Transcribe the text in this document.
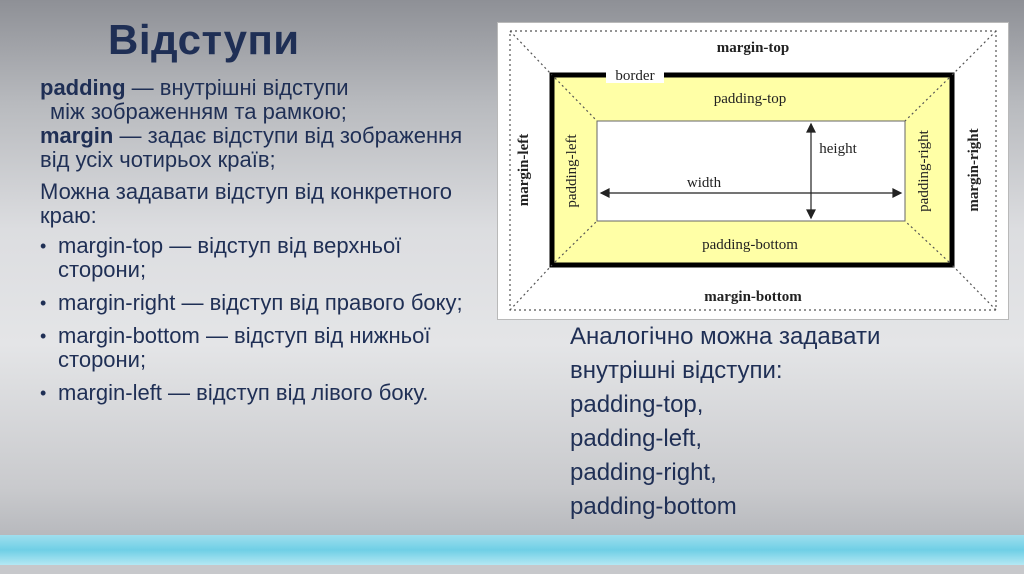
Відступи

padding — внутрішні відступи

між зображенням та рамкою;

margin — задає відступи від зображення від усіх чотирьох країв;

Можна задавати відступ від конкретного краю:

• margin-top — відступ від верхньої сторони;
• margin-right — відступ від правого боку;
• margin-bottom — відступ від нижньої сторони;
• margin-left — відступ від лівого боку.
margin-top
margin-bottom
margin-left	margin-right
border
padding-top
padding-bottom
padding-left	padding-right
width
height

Аналогічно можна задавати

внутрішні відступи:

padding-top,

padding-left,

padding-right,

padding-bottom
